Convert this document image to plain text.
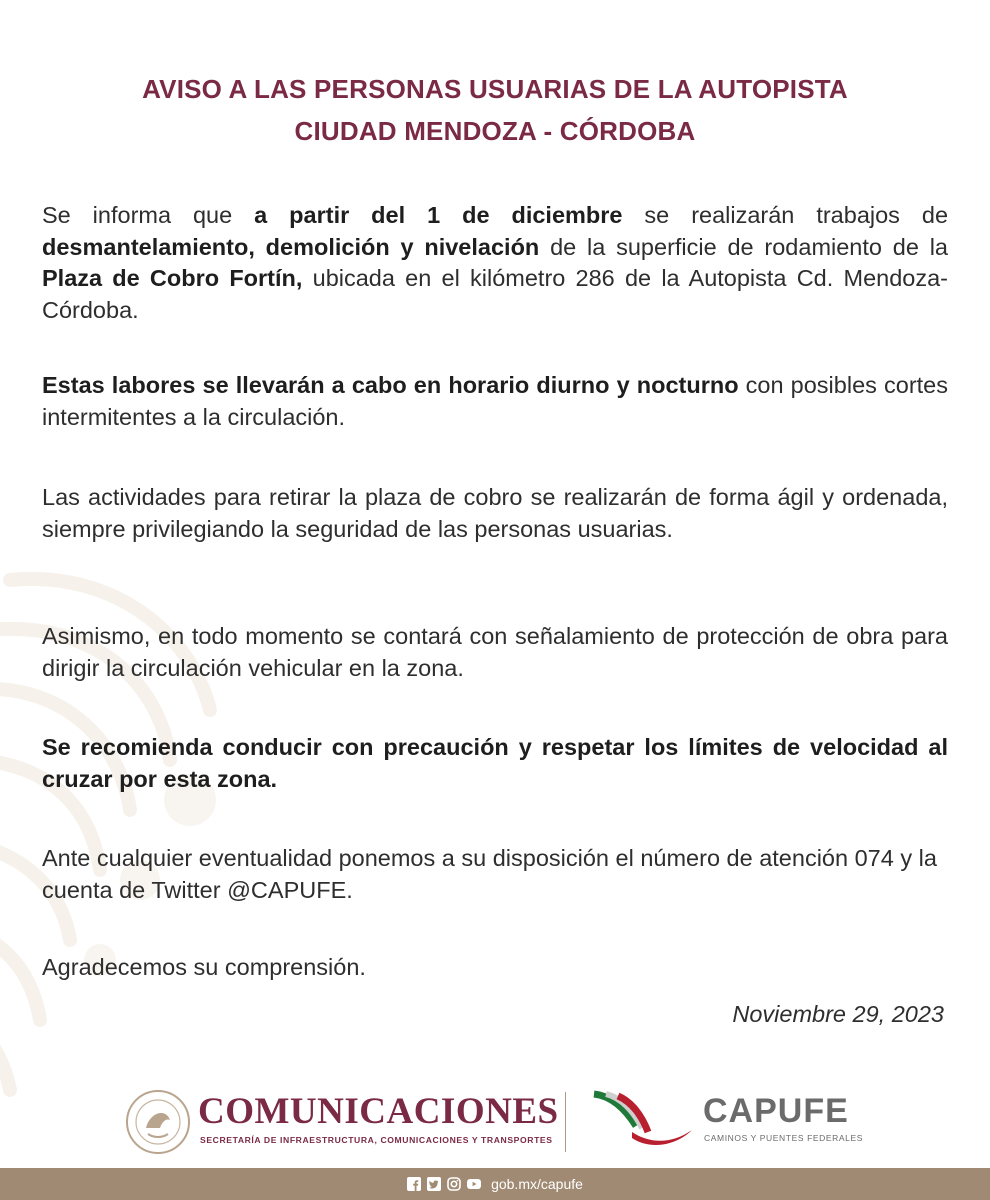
AVISO A LAS PERSONAS USUARIAS DE LA AUTOPISTA
CIUDAD MENDOZA - CÓRDOBA
Se informa que a partir del 1 de diciembre se realizarán trabajos de desmantelamiento, demolición y nivelación de la superficie de rodamiento de la Plaza de Cobro Fortín, ubicada en el kilómetro 286 de la Autopista Cd. Mendoza-Córdoba.
Estas labores se llevarán a cabo en horario diurno y nocturno con posibles cortes intermitentes a la circulación.
Las actividades para retirar la plaza de cobro se realizarán de forma ágil y ordenada, siempre privilegiando la seguridad de las personas usuarias.
Asimismo, en todo momento se contará con señalamiento de protección de obra para dirigir la circulación vehicular en la zona.
Se recomienda conducir con precaución y respetar los límites de velocidad al cruzar por esta zona.
Ante cualquier eventualidad ponemos a su disposición el número de atención 074 y la cuenta de Twitter @CAPUFE.
Agradecemos su comprensión.
Noviembre 29, 2023
COMUNICACIONES
SECRETARÍA DE INFRAESTRUCTURA, COMUNICACIONES Y TRANSPORTES
CAPUFE
CAMINOS Y PUENTES FEDERALES
gob.mx/capufe
